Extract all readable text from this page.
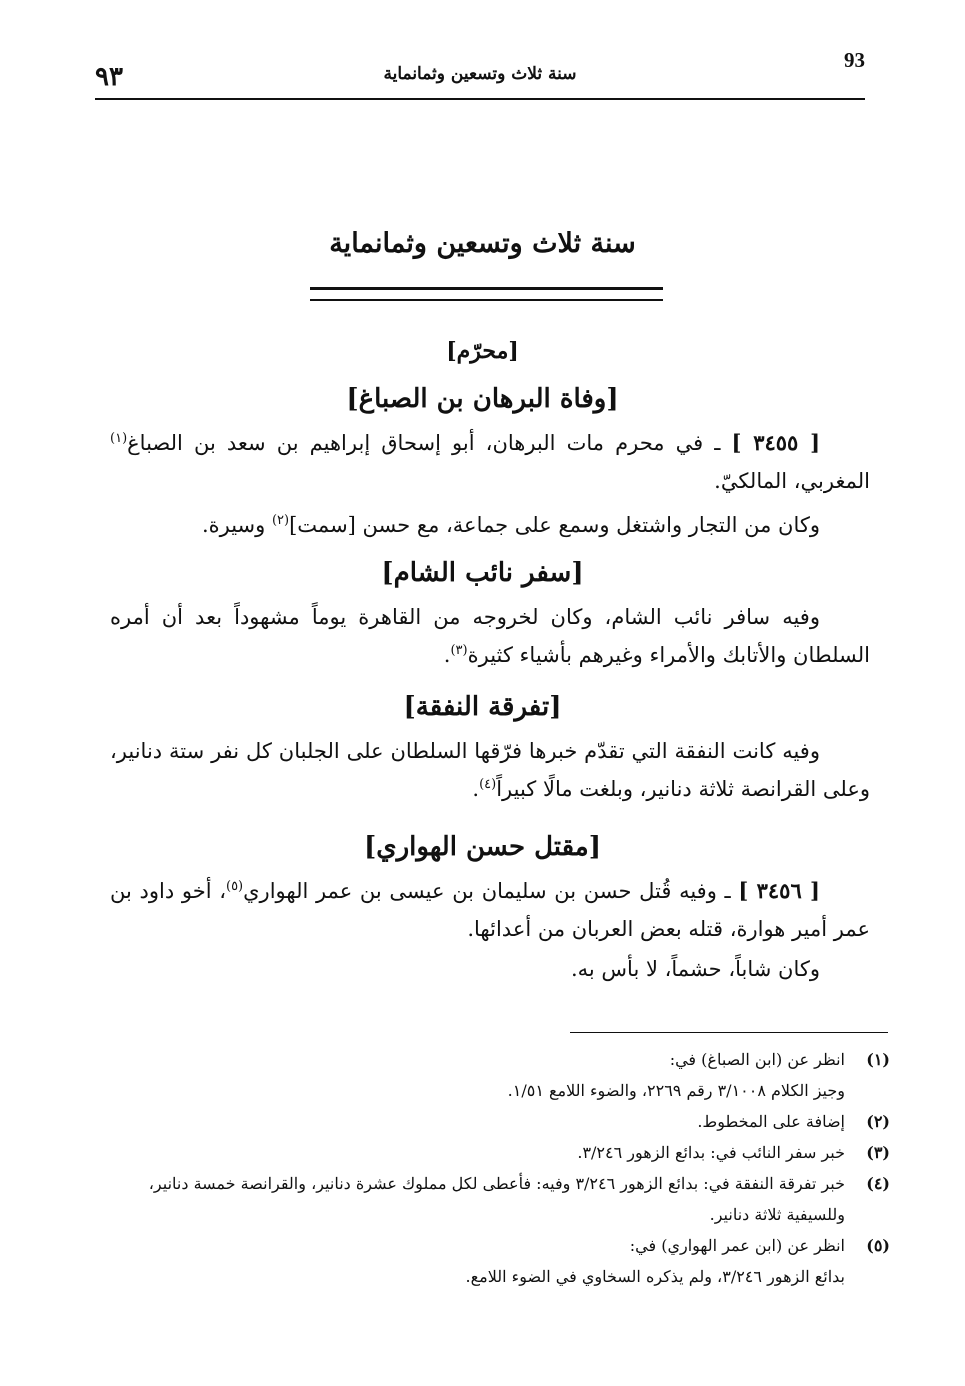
٩٣	سنة ثلاث وتسعين وثمانماية
93
سنة ثلاث وتسعين وثمانماية
[محرّم]
[وفاة البرهان بن الصباغ]
[ ٣٤٥٥ ] ـ في محرم مات البرهان، أبو إسحاق إبراهيم بن سعد بن الصباغ$^{(١)}$ المغربي، المالكيّ.
وكان من التجار واشتغل وسمع على جماعة، مع حسن [سمت]$^{(٢)}$ وسيرة.
[سفر نائب الشام]
وفيه سافر نائب الشام، وكان لخروجه من القاهرة يوماً مشهوداً بعد أن أمره السلطان والأتابك والأمراء وغيرهم بأشياء كثيرة$^{(٣)}$.
[تفرقة النفقة]
وفيه كانت النفقة التي تقدّم خبرها فرّقها السلطان على الجلبان كل نفر ستة دنانير، وعلى القرانصة ثلاثة دنانير، وبلغت مالًا كبيراً$^{(٤)}$.
[مقتل حسن الهواري]
[ ٣٤٥٦ ] ـ وفيه قُتل حسن بن سليمان بن عيسى بن عمر الهواري$^{(٥)}$، أخو داود بن عمر أمير هوارة، قتله بعض العربان من أعدائها.
وكان شاباً، حشماً، لا بأس به.
(١)
انظر عن (ابن الصباغ) في:
وجيز الكلام ٣/١٠٠٨ رقم ٢٢٦٩، والضوء اللامع ١/٥١.
(٢)
إضافة على المخطوط.
(٣)
خبر سفر النائب في: بدائع الزهور ٣/٢٤٦.
(٤)
خبر تفرقة النفقة في: بدائع الزهور ٣/٢٤٦ وفيه: فأعطى لكل مملوك عشرة دنانير، والقرانصة خمسة دنانير، وللسيفية ثلاثة دنانير.
(٥)
انظر عن (ابن عمر الهواري) في:
بدائع الزهور ٣/٢٤٦، ولم يذكره السخاوي في الضوء اللامع.
